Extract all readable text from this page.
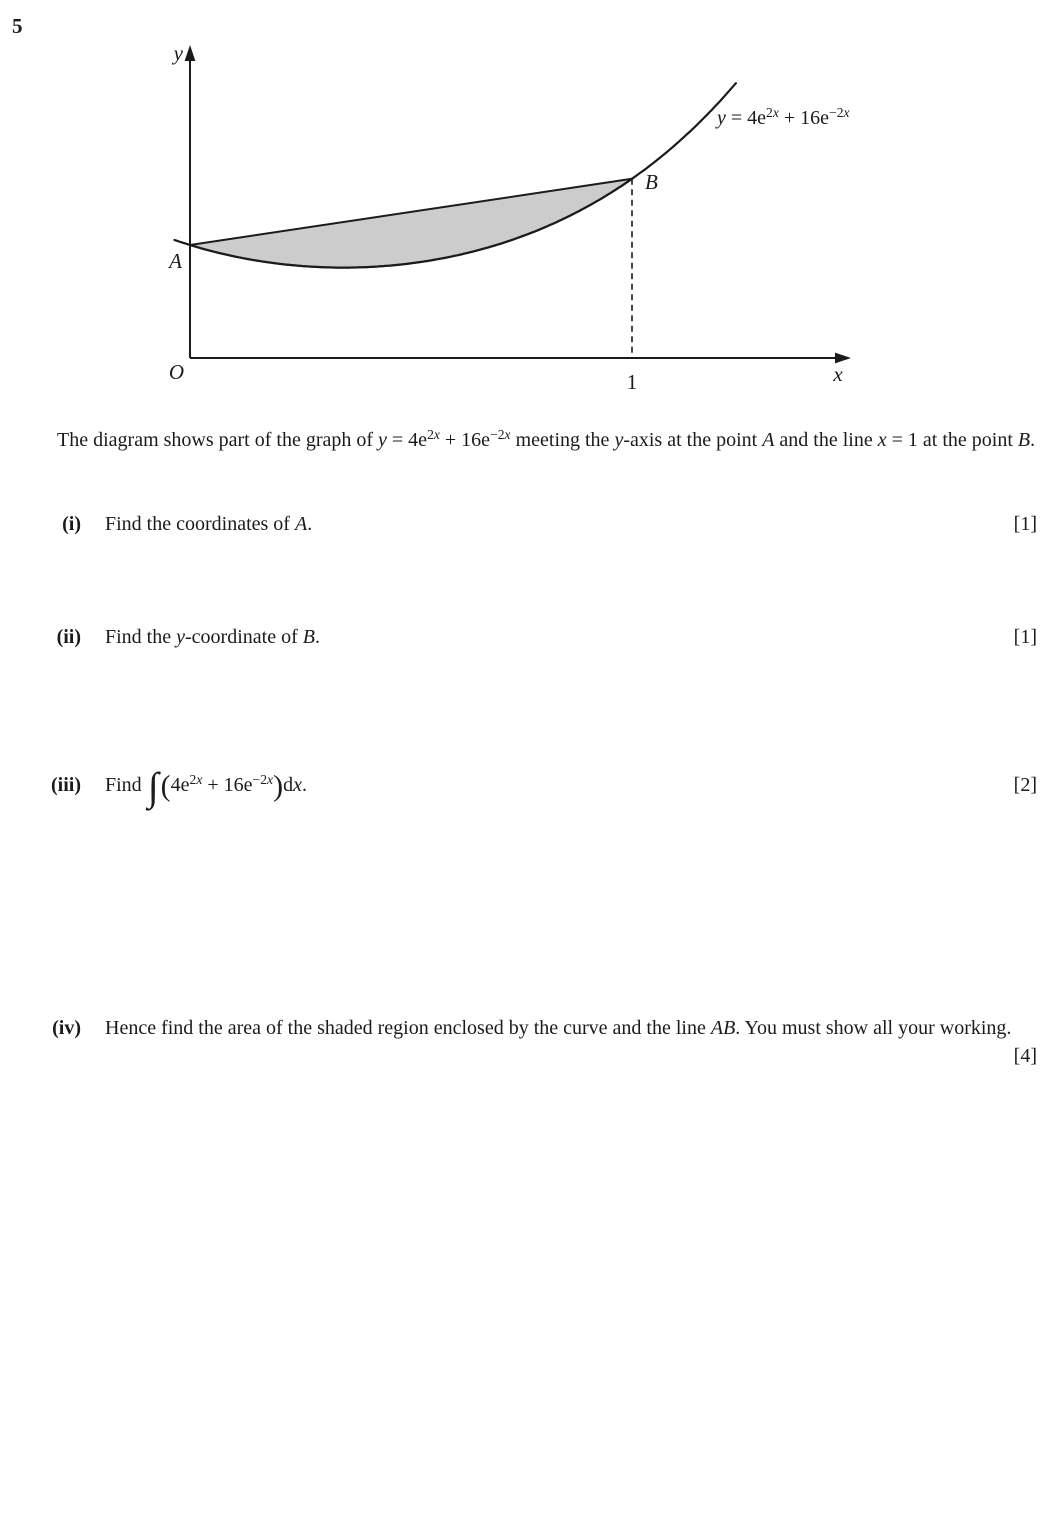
5
y
x
O	1
A
B
$y = 4e^{2x} + 16e^{-2x}$
The diagram shows part of the graph of $y = 4e^{2x} + 16e^{-2x}$ meeting the y-axis at the point A and the line x = 1 at the point B.
(i) Find the coordinates of A.	[1]
(ii) Find the y-coordinate of B.	[1]
(iii) Find $\int(4e^{2x} + 16e^{-2x})dx$.	[2]
(iv) Hence find the area of the shaded region enclosed by the curve and the line AB. You must show all your working.
[4]
